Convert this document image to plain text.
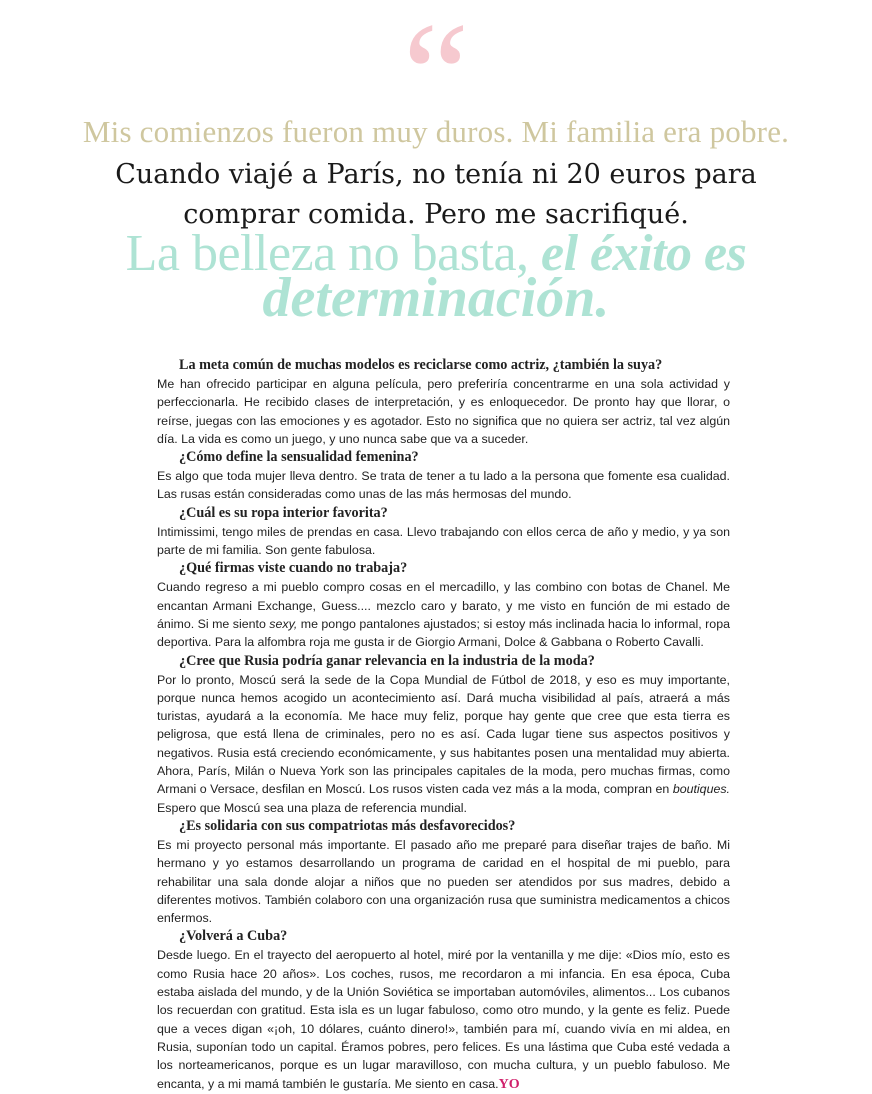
“

Mis comienzos fueron muy duros. Mi familia era pobre.

Cuando viajé a París, no tenía ni 20 euros para

comprar comida. Pero me sacrifiqué.

La belleza no basta, el éxito es

determinación.

La meta común de muchas modelos es reciclarse como actriz, ¿también la suya?

Me han ofrecido participar en alguna película, pero preferiría concentrarme en una sola actividad y perfeccionarla. He recibido clases de interpretación, y es enloquecedor. De pronto hay que llorar, o reírse, juegas con las emociones y es agotador. Esto no significa que no quiera ser actriz, tal vez algún día. La vida es como un juego, y uno nunca sabe que va a suceder.

¿Cómo define la sensualidad femenina?

Es algo que toda mujer lleva dentro. Se trata de tener a tu lado a la persona que fomente esa cualidad. Las rusas están consideradas como unas de las más hermosas del mundo.

¿Cuál es su ropa interior favorita?

Intimissimi, tengo miles de prendas en casa. Llevo trabajando con ellos cerca de año y medio, y ya son parte de mi familia. Son gente fabulosa.

¿Qué firmas viste cuando no trabaja?

Cuando regreso a mi pueblo compro cosas en el mercadillo, y las combino con botas de Chanel. Me encantan Armani Exchange, Guess.... mezclo caro y barato, y me visto en función de mi estado de ánimo. Si me siento sexy, me pongo pantalones ajustados; si estoy más inclinada hacia lo informal, ropa deportiva. Para la alfombra roja me gusta ir de Giorgio Armani, Dolce & Gabbana o Roberto Cavalli.

¿Cree que Rusia podría ganar relevancia en la industria de la moda?

Por lo pronto, Moscú será la sede de la Copa Mundial de Fútbol de 2018, y eso es muy importante, porque nunca hemos acogido un acontecimiento así. Dará mucha visibilidad al país, atraerá a más turistas, ayudará a la economía. Me hace muy feliz, porque hay gente que cree que esta tierra es peligrosa, que está llena de criminales, pero no es así. Cada lugar tiene sus aspectos positivos y negativos. Rusia está creciendo económicamente, y sus habitantes posen una mentalidad muy abierta. Ahora, París, Milán o Nueva York son las principales capitales de la moda, pero muchas firmas, como Armani o Versace, desfilan en Moscú. Los rusos visten cada vez más a la moda, compran en boutiques. Espero que Moscú sea una plaza de referencia mundial.

¿Es solidaria con sus compatriotas más desfavorecidos?

Es mi proyecto personal más importante. El pasado año me preparé para diseñar trajes de baño. Mi hermano y yo estamos desarrollando un programa de caridad en el hospital de mi pueblo, para rehabilitar una sala donde alojar a niños que no pueden ser atendidos por sus madres, debido a diferentes motivos. También colaboro con una organización rusa que suministra medicamentos a chicos enfermos.

¿Volverá a Cuba?

Desde luego. En el trayecto del aeropuerto al hotel, miré por la ventanilla y me dije: «Dios mío, esto es como Rusia hace 20 años». Los coches, rusos, me recordaron a mi infancia. En esa época, Cuba estaba aislada del mundo, y de la Unión Soviética se importaban automóviles, alimentos... Los cubanos los recuerdan con gratitud. Esta isla es un lugar fabuloso, como otro mundo, y la gente es feliz. Puede que a veces digan «¡oh, 10 dólares, cuánto dinero!», también para mí, cuando vivía en mi aldea, en Rusia, suponían todo un capital. Éramos pobres, pero felices. Es una lástima que Cuba esté vedada a los norteamericanos, porque es un lugar maravilloso, con mucha cultura, y un pueblo fabuloso. Me encanta, y a mi mamá también le gustaría. Me siento en casa.YO
